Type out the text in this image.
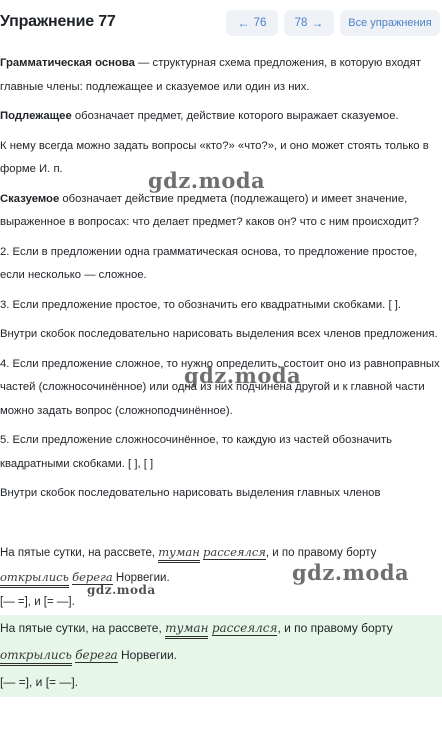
Упражнение 77	← 76 78 → Все упражнения

Грамматическая основа — структурная схема предложения, в которую входят главные члены: подлежащее и сказуемое или один из них.

Подлежащее обозначает предмет, действие которого выражает сказуемое.

К нему всегда можно задать вопросы «кто?» «что?», и оно может стоять только в форме И. п.

Сказуемое обозначает действие предмета (подлежащего) и имеет значение, выраженное в вопросах: что делает предмет? каков он? что с ним происходит?

2. Если в предложении одна грамматическая основа, то предложение простое, если несколько — сложное.

3. Если предложение простое, то обозначить его квадратными скобками. [ ].

Внутри скобок последовательно нарисовать выделения всех членов предложения.

4. Если предложение сложное, то нужно определить, состоит оно из равноправных частей (сложносочинённое) или одна из них подчинена другой и к главной части можно задать вопрос (сложноподчинённое).

5. Если предложение сложносочинённое, то каждую из частей обозначить квадратными скобками. [ ], [ ]

Внутри скобок последовательно нарисовать выделения главных членов

На пятые сутки, на рассвете, туман рассеялся, и по правому борту
открылись берега Норвегии.
[— =], и [= —].
На пятые сутки, на рассвете, туман рассеялся, и по правому борту
открылись берега Норвегии.
[— =], и [= —].
gdz.moda
gdz.moda
gdz.moda
gdz.moda
